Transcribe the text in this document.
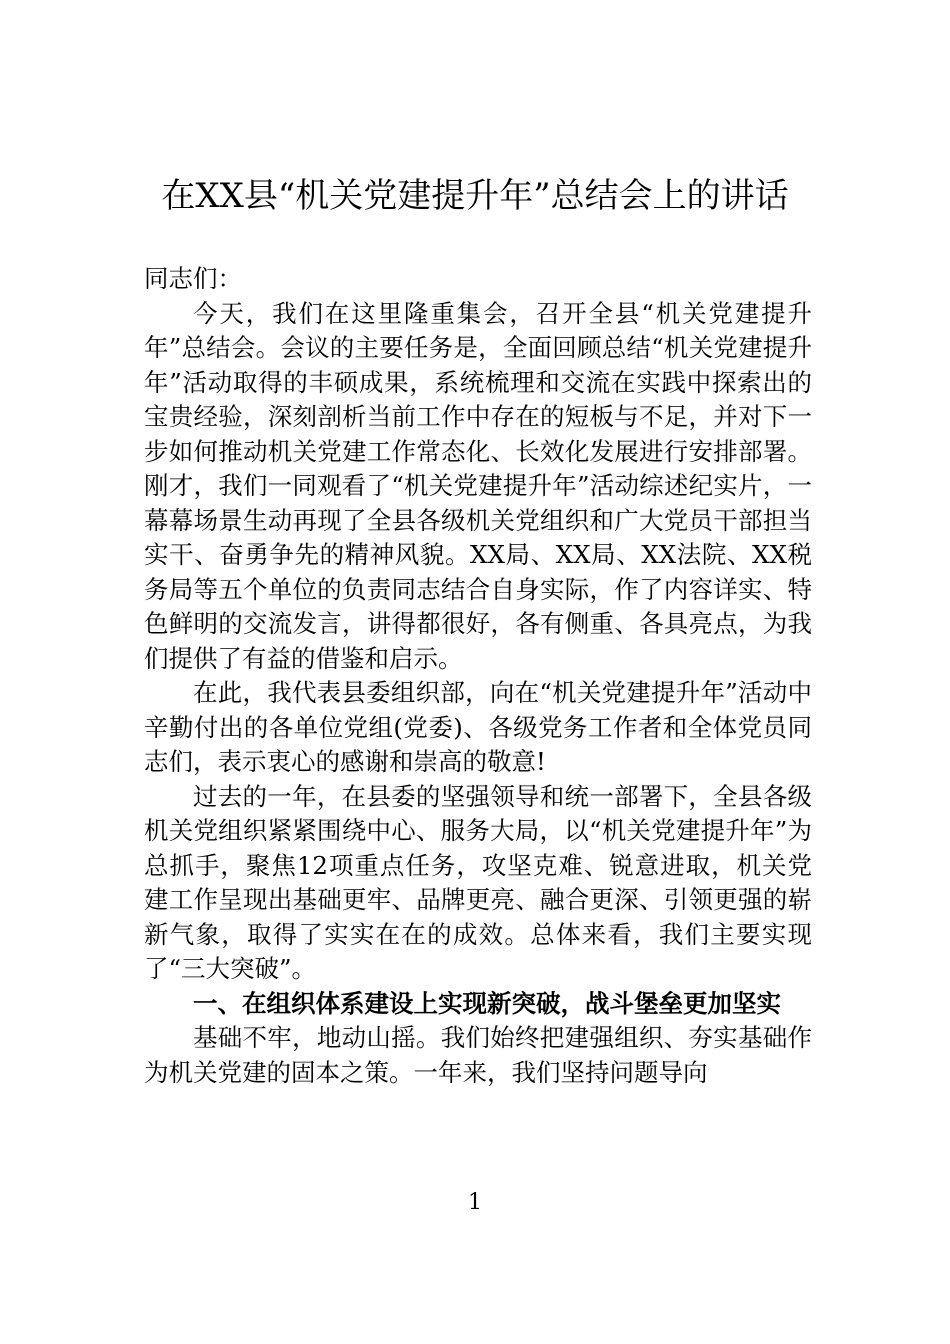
在XX县“机关党建提升年”总结会上的讲话

同志们：

今天，我们在这里隆重集会，召开全县“机关党建提升年”总结会。会议的主要任务是，全面回顾总结“机关党建提升年”活动取得的丰硕成果，系统梳理和交流在实践中探索出的宝贵经验，深刻剖析当前工作中存在的短板与不足，并对下一步如何推动机关党建工作常态化、长效化发展进行安排部署。刚才，我们一同观看了“机关党建提升年”活动综述纪实片，一幕幕场景生动再现了全县各级机关党组织和广大党员干部担当实干、奋勇争先的精神风貌。XX局、XX局、XX法院、XX税务局等五个单位的负责同志结合自身实际，作了内容详实、特色鲜明的交流发言，讲得都很好，各有侧重、各具亮点，为我们提供了有益的借鉴和启示。

在此，我代表县委组织部，向在“机关党建提升年”活动中辛勤付出的各单位党组(党委)、各级党务工作者和全体党员同志们，表示衷心的感谢和崇高的敬意!

过去的一年，在县委的坚强领导和统一部署下，全县各级机关党组织紧紧围绕中心、服务大局，以“机关党建提升年”为总抓手，聚焦12项重点任务，攻坚克难、锐意进取，机关党建工作呈现出基础更牢、品牌更亮、融合更深、引领更强的崭新气象，取得了实实在在的成效。总体来看，我们主要实现了“三大突破”。

一、在组织体系建设上实现新突破，战斗堡垒更加坚实

基础不牢，地动山摇。我们始终把建强组织、夯实基础作为机关党建的固本之策。一年来，我们坚持问题导向

1
